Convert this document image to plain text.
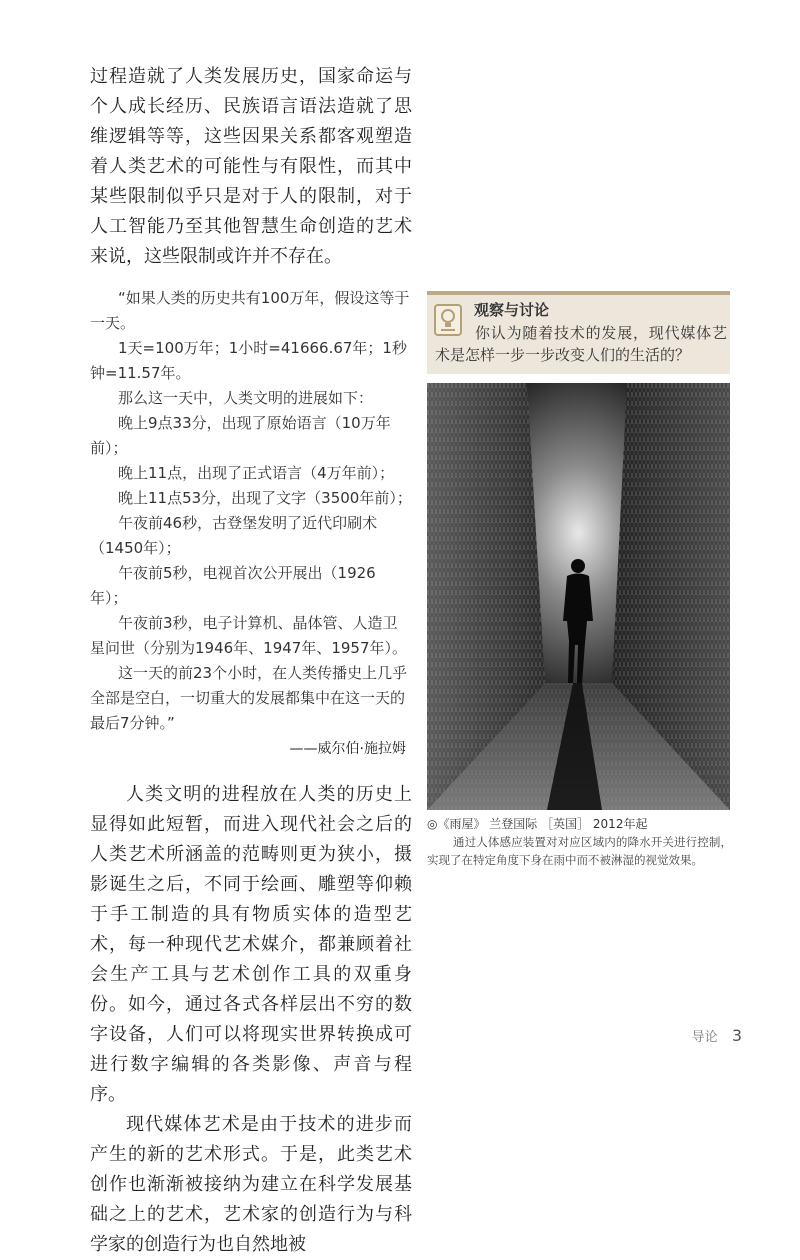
过程造就了人类发展历史，国家命运与个人成长经历、民族语言语法造就了思维逻辑等等，这些因果关系都客观塑造着人类艺术的可能性与有限性，而其中某些限制似乎只是对于人的限制，对于人工智能乃至其他智慧生命创造的艺术来说，这些限制或许并不存在。

“如果人类的历史共有100万年，假设这等于一天。

1天=100万年；1小时=41666.67年；1秒钟=11.57年。

那么这一天中，人类文明的进展如下：

晚上9点33分，出现了原始语言（10万年前）；

晚上11点，出现了正式语言（4万年前）；

晚上11点53分，出现了文字（3500年前）；

午夜前46秒，古登堡发明了近代印刷术（1450年）；

午夜前5秒，电视首次公开展出（1926年）；

午夜前3秒，电子计算机、晶体管、人造卫星问世（分别为1946年、1947年、1957年）。

这一天的前23个小时，在人类传播史上几乎全部是空白，一切重大的发展都集中在这一天的最后7分钟。”

——威尔伯·施拉姆

人类文明的进程放在人类的历史上显得如此短暂，而进入现代社会之后的人类艺术所涵盖的范畴则更为狭小，摄影诞生之后，不同于绘画、雕塑等仰赖于手工制造的具有物质实体的造型艺术，每一种现代艺术媒介，都兼顾着社会生产工具与艺术创作工具的双重身份。如今，通过各式各样层出不穷的数字设备，人们可以将现实世界转换成可进行数字编辑的各类影像、声音与程序。

现代媒体艺术是由于技术的进步而产生的新的艺术形式。于是，此类艺术创作也渐渐被接纳为建立在科学发展基础之上的艺术，艺术家的创造行为与科学家的创造行为也自然地被

观察与讨论
你认为随着技术的发展，现代媒体艺术是怎样一步一步改变人们的生活的？
◎《雨屋》 兰登国际 ［英国］ 2012年起
通过人体感应装置对对应区域内的降水开关进行控制，实现了在特定角度下身在雨中而不被淋湿的视觉效果。
导论 3
